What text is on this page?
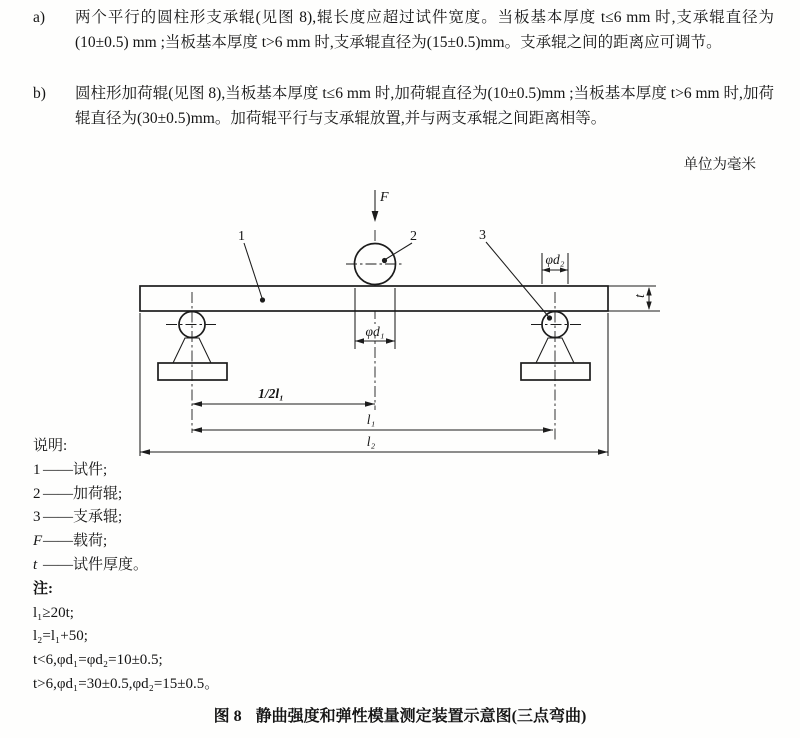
a) 两个平行的圆柱形支承辊(见图 8),辊长度应超过试件宽度。当板基本厚度 t≤6 mm 时,支承辊直径为(10±0.5) mm ;当板基本厚度 t>6 mm 时,支承辊直径为(15±0.5)mm。支承辊之间的距离应可调节。
b) 圆柱形加荷辊(见图 8),当板基本厚度 t≤6 mm 时,加荷辊直径为(10±0.5)mm ;当板基本厚度 t>6 mm 时,加荷辊直径为(30±0.5)mm。加荷辊平行与支承辊放置,并与两支承辊之间距离相等。
单位为毫米
F
1	2	3
φd₁
φd₂
t
1/2l₁
l₁
l₂
说明:
1 ——试件;
2 ——加荷辊;
3 ——支承辊;
F——载荷;
t ——试件厚度。
注:
l₁≥20t;
l₂=l₁+50;
t<6,φd₁=φd₂=10±0.5;
t>6,φd₁=30±0.5,φd₂=15±0.5。
图 8 静曲强度和弹性模量测定装置示意图(三点弯曲)
